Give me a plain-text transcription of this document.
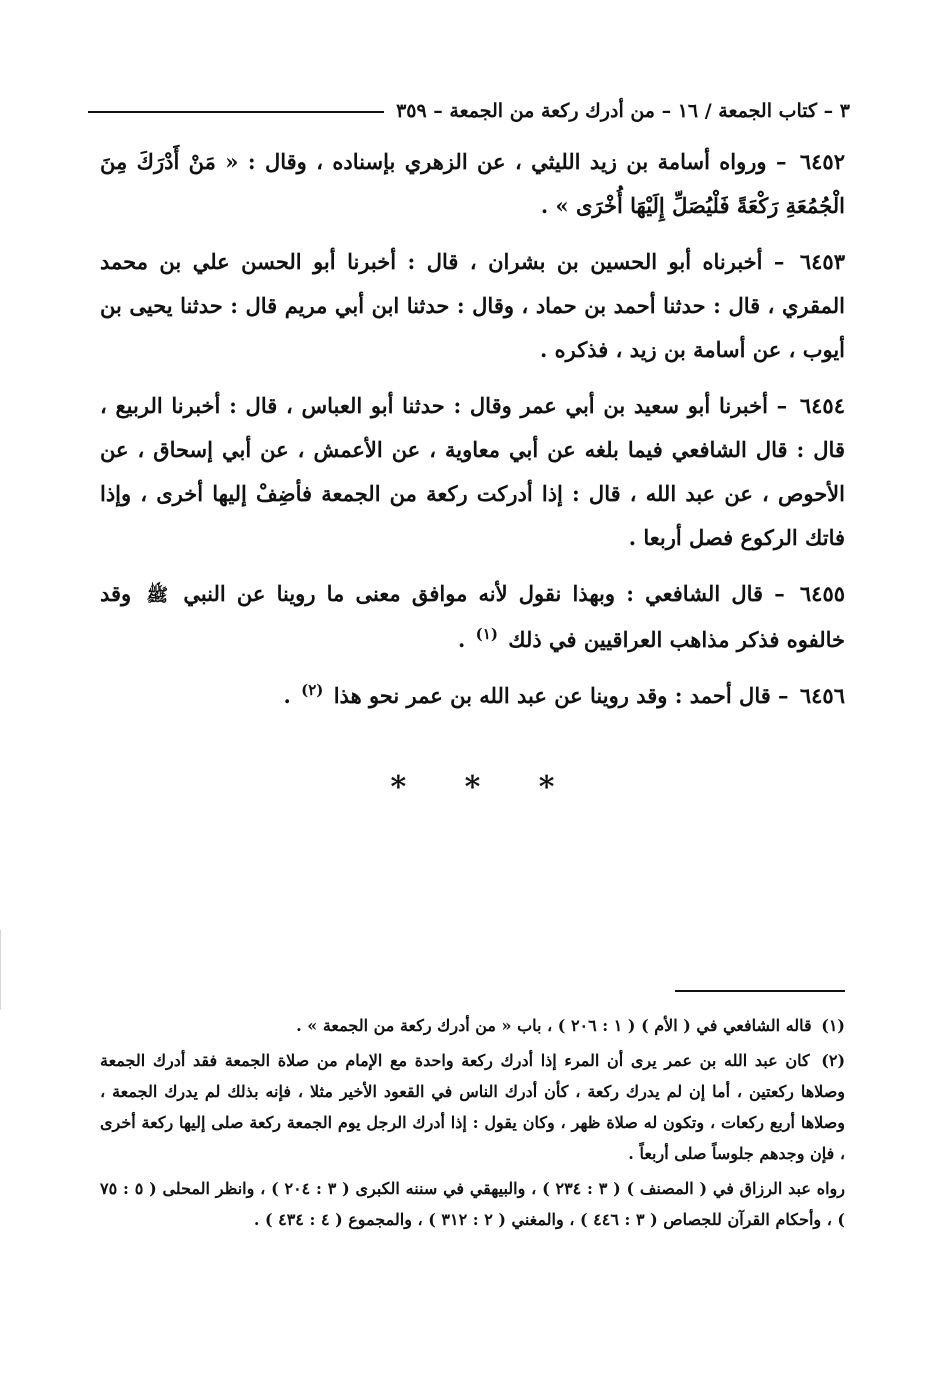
٣ – كتاب الجمعة / ١٦ – من أدرك ركعة من الجمعة – ٣٥٩

٦٤٥٢ – ورواه أسامة بن زيد الليثي ، عن الزهري بإسناده ، وقال : « مَنْ أَدْرَكَ مِنَ الْجُمُعَةِ رَكْعَةً فَلْيُصَلِّ إِلَيْهَا أُخْرَى » .

٦٤٥٣ – أخبرناه أبو الحسين بن بشران ، قال : أخبرنا أبو الحسن علي بن محمد المقري ، قال : حدثنا أحمد بن حماد ، وقال : حدثنا ابن أبي مريم قال : حدثنا يحيى بن أيوب ، عن أسامة بن زيد ، فذكره .

٦٤٥٤ – أخبرنا أبو سعيد بن أبي عمر وقال : حدثنا أبو العباس ، قال : أخبرنا الربيع ، قال : قال الشافعي فيما بلغه عن أبي معاوية ، عن الأعمش ، عن أبي إسحاق ، عن الأحوص ، عن عبد الله ، قال : إذا أدركت ركعة من الجمعة فأضِفْ إليها أخرى ، وإذا فاتك الركوع فصل أربعا .

٦٤٥٥ – قال الشافعي : وبهذا نقول لأنه موافق معنى ما روينا عن النبي ﷺ وقد خالفوه فذكر مذاهب العراقيين في ذلك $^{(١)}$ .

٦٤٥٦ – قال أحمد : وقد روينا عن عبد الله بن عمر نحو هذا $^{(٢)}$ .

* * *

(١) قاله الشافعي في ( الأم ) ( ١ : ٢٠٦ ) ، باب « من أدرك ركعة من الجمعة » .

(٢) كان عبد الله بن عمر يرى أن المرء إذا أدرك ركعة واحدة مع الإمام من صلاة الجمعة فقد أدرك الجمعة وصلاها ركعتين ، أما إن لم يدرك ركعة ، كأن أدرك الناس في القعود الأخير مثلا ، فإنه بذلك لم يدرك الجمعة ، وصلاها أربع ركعات ، وتكون له صلاة ظهر ، وكان يقول : إذا أدرك الرجل يوم الجمعة ركعة صلى إليها ركعة أخرى ، فإن وجدهم جلوساً صلى أربعاً .

رواه عبد الرزاق في ( المصنف ) ( ٣ : ٢٣٤ ) ، والبيهقي في سننه الكبرى ( ٣ : ٢٠٤ ) ، وانظر المحلى ( ٥ : ٧٥ ) ، وأحكام القرآن للجصاص ( ٣ : ٤٤٦ ) ، والمغني ( ٢ : ٣١٢ ) ، والمجموع ( ٤ : ٤٣٤ ) .
